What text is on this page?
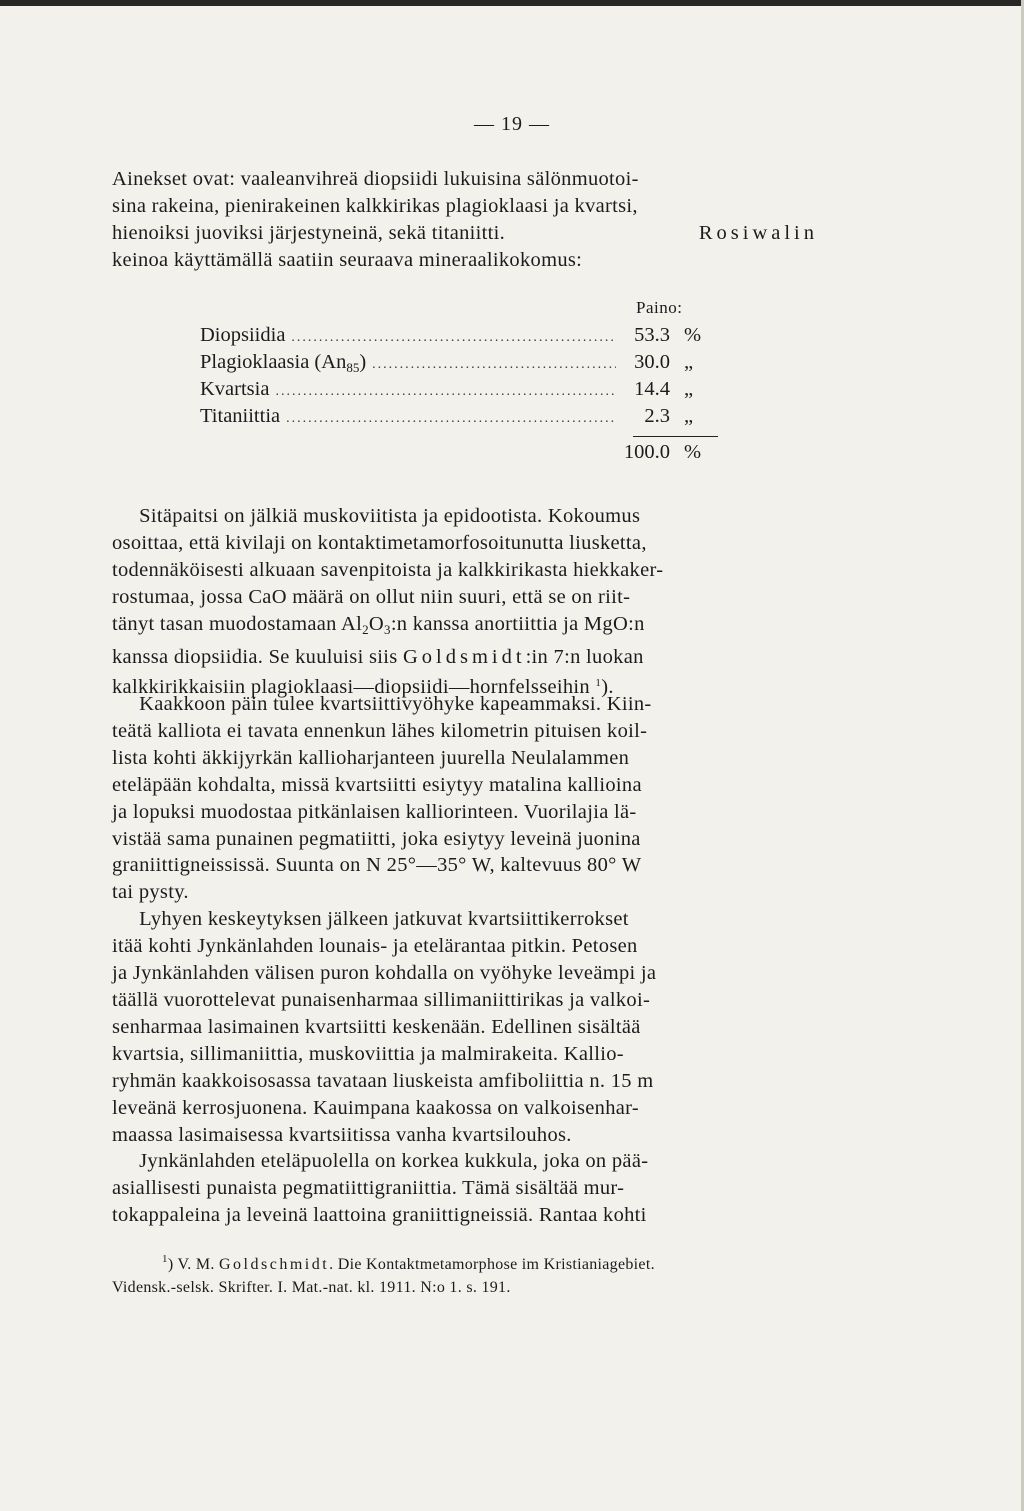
— 19 —
Ainekset ovat: vaaleanvihreä diopsiidi lukuisina sälönmuotoi-
sina rakeina, pienirakeinen kalkkirikas plagioklaasi ja kvartsi,
hienoiksi juoviksi järjestyneinä, sekä titaniitti.	Rosiwalin
keinoa käyttämällä saatiin seuraava mineraalikokomus:
Paino:
Diopsiidia .....	53.3 %
Plagioklaasia $(An_{85})$ .....	30.0 „
Kvartsia .....	14.4 „
Titaniittia .....	2.3 „
100.0 %
Sitäpaitsi on jälkiä muskoviitista ja epidootista. Kokoumus
osoittaa, että kivilaji on kontaktimetamorfosoitunutta liusketta,
todennäköisesti alkuaan savenpitoista ja kalkkirikasta hiekkaker-
rostumaa, jossa CaO määrä on ollut niin suuri, että se on riit-
tänyt tasan muodostamaan $Al_2O_3:n$ kanssa anortiittia ja MgO:n
kanssa diopsiidia. Se kuuluisi siis Goldsmidt:in 7:n luokan
kalkkirikkaisiin plagioklaasi—diopsiidi—hornfelsseihin $^1$).
Kaakkoon päin tulee kvartsiittivyöhyke kapeammaksi. Kiin-
teätä kalliota ei tavata ennenkun lähes kilometrin pituisen koil-
lista kohti äkkijyrkän kallioharjanteen juurella Neulalammen
eteläpään kohdalta, missä kvartsiitti esiytyy matalina kallioina
ja lopuksi muodostaa pitkänlaisen kalliorinteen. Vuorilajia lä-
vistää sama punainen pegmatiitti, joka esiytyy leveinä juonina
graniittigneississä. Suunta on N 25°—35° W, kaltevuus 80° W
tai pysty.
Lyhyen keskeytyksen jälkeen jatkuvat kvartsiittikerrokset
itää kohti Jynkänlahden lounais- ja etelärantaa pitkin. Petosen
ja Jynkänlahden välisen puron kohdalla on vyöhyke leveämpi ja
täällä vuorottelevat punaisenharmaa sillimaniittirikas ja valkoi-
senharmaa lasimainen kvartsiitti keskenään. Edellinen sisältää
kvartsia, sillimaniittia, muskoviittia ja malmirakeita. Kallio-
ryhmän kaakkoisosassa tavataan liuskeista amfiboliittia n. 15 m
leveänä kerrosjuonena. Kauimpana kaakossa on valkoisenhar-
maassa lasimaisessa kvartsiitissa vanha kvartsilouhos.
Jynkänlahden eteläpuolella on korkea kukkula, joka on pää-
asiallisesti punaista pegmatiittigraniittia. Tämä sisältää mur-
tokappaleina ja leveinä laattoina graniittigneissiä. Rantaa kohti
$^1$) V. M. Goldschmidt. Die Kontaktmetamorphose im Kristianiagebiet.
Vidensk.-selsk. Skrifter. I. Mat.-nat. kl. 1911. N:o 1. s. 191.
